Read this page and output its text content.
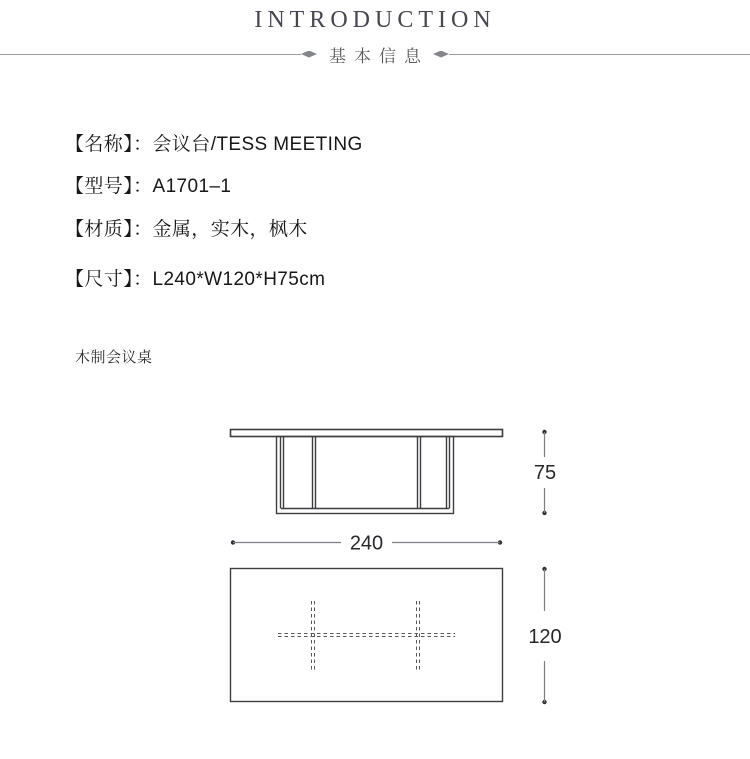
INTRODUCTION
基本信息
【名称】：会议台/TESS MEETING
【型号】：A1701–1
【材质】：金属，实木，枫木
【尺寸】：L240*W120*H75cm
木制会议桌
75
240
120
